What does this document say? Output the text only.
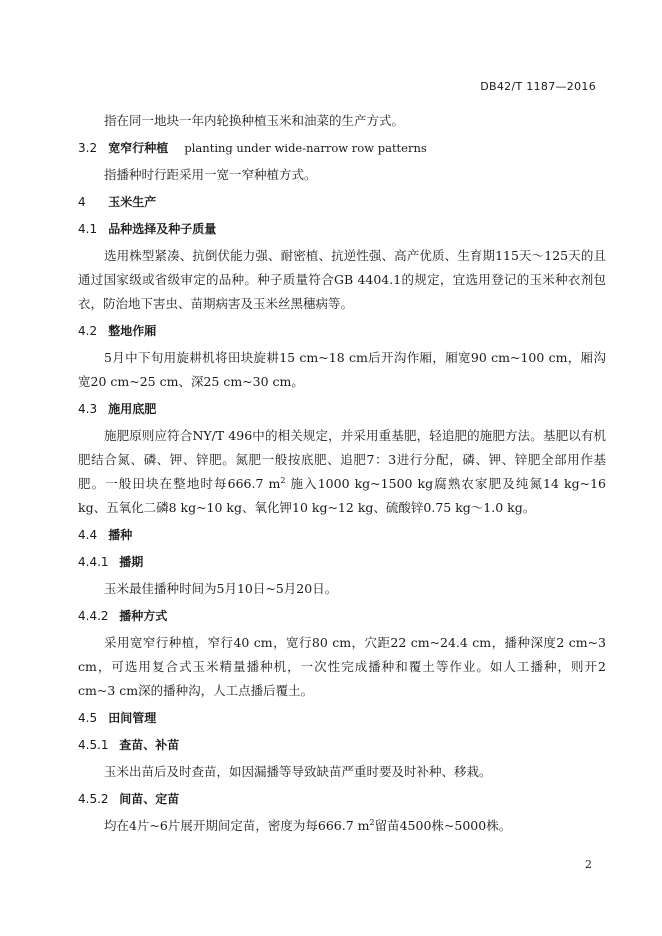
DB42/T 1187—2016

指在同一地块一年内轮换种植玉米和油菜的生产方式。

3.2 宽窄行种植 planting under wide-narrow row patterns

指播种时行距采用一宽一窄种植方式。

4 玉米生产
4.1 品种选择及种子质量

选用株型紧凑、抗倒伏能力强、耐密植、抗逆性强、高产优质、生育期115天～125天的且通过国家级或省级审定的品种。种子质量符合GB 4404.1的规定，宜选用登记的玉米种衣剂包衣，防治地下害虫、苗期病害及玉米丝黑穗病等。

4.2 整地作厢

5月中下旬用旋耕机将田块旋耕15 cm~18 cm后开沟作厢，厢宽90 cm~100 cm，厢沟宽20 cm~25 cm、深25 cm~30 cm。

4.3 施用底肥

施肥原则应符合NY/T 496中的相关规定，并采用重基肥，轻追肥的施肥方法。基肥以有机肥结合氮、磷、钾、锌肥。氮肥一般按底肥、追肥7：3进行分配，磷、钾、锌肥全部用作基肥。一般田块在整地时每666.7 $m^2$ 施入1000 kg~1500 kg腐熟农家肥及纯氮14 kg~16 kg、五氧化二磷8 kg~10 kg、氧化钾10 kg~12 kg、硫酸锌0.75 kg～1.0 kg。

4.4 播种
4.4.1 播期

玉米最佳播种时间为5月10日~5月20日。

4.4.2 播种方式

采用宽窄行种植，窄行40 cm，宽行80 cm，穴距22 cm~24.4 cm，播种深度2 cm~3 cm，可选用复合式玉米精量播种机，一次性完成播种和覆土等作业。如人工播种，则开2 cm~3 cm深的播种沟，人工点播后覆土。

4.5 田间管理
4.5.1 查苗、补苗

玉米出苗后及时查苗，如因漏播等导致缺苗严重时要及时补种、移栽。

4.5.2 间苗、定苗

均在4片~6片展开期间定苗，密度为每666.7 $m^2$留苗4500株~5000株。

2
